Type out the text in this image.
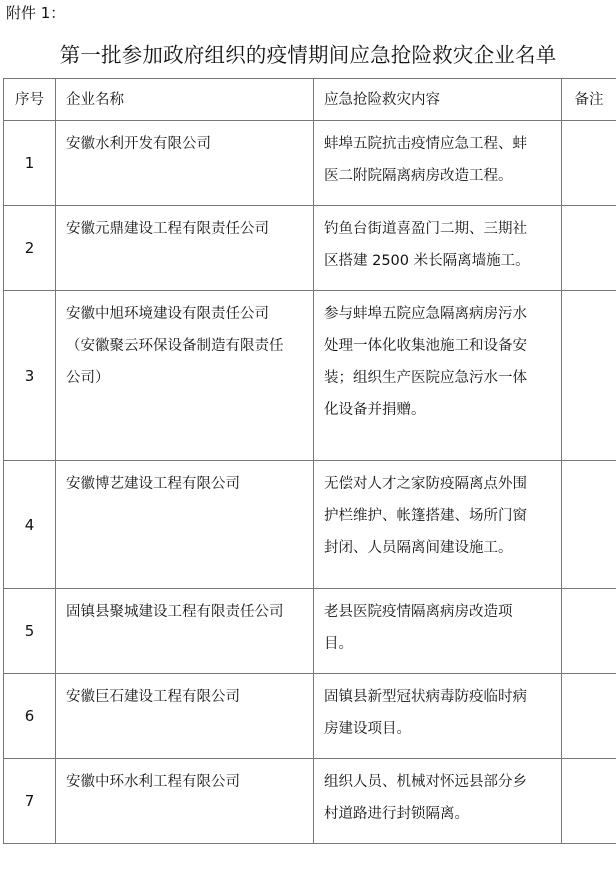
附件 1：
第一批参加政府组织的疫情期间应急抢险救灾企业名单
序号	企业名称	应急抢险救灾内容	备注
1	安徽水利开发有限公司	蚌埠五院抗击疫情应急工程、蚌
医二附院隔离病房改造工程。	

2	安徽元鼎建设工程有限责任公司	钓鱼台街道喜盈门二期、三期社
区搭建 2500 米长隔离墙施工。	

3	安徽中旭环境建设有限责任公司
（安徽聚云环保设备制造有限责任
公司）	参与蚌埠五院应急隔离病房污水
处理一体化收集池施工和设备安
装；组织生产医院应急污水一体
化设备并捐赠。	

4	安徽博艺建设工程有限公司	无偿对人才之家防疫隔离点外围
护栏维护、帐篷搭建、场所门窗
封闭、人员隔离间建设施工。	

5	固镇县聚城建设工程有限责任公司	老县医院疫情隔离病房改造项
目。	

6	安徽巨石建设工程有限公司	固镇县新型冠状病毒防疫临时病
房建设项目。	

7	安徽中环水利工程有限公司	组织人员、机械对怀远县部分乡
村道路进行封锁隔离。	
